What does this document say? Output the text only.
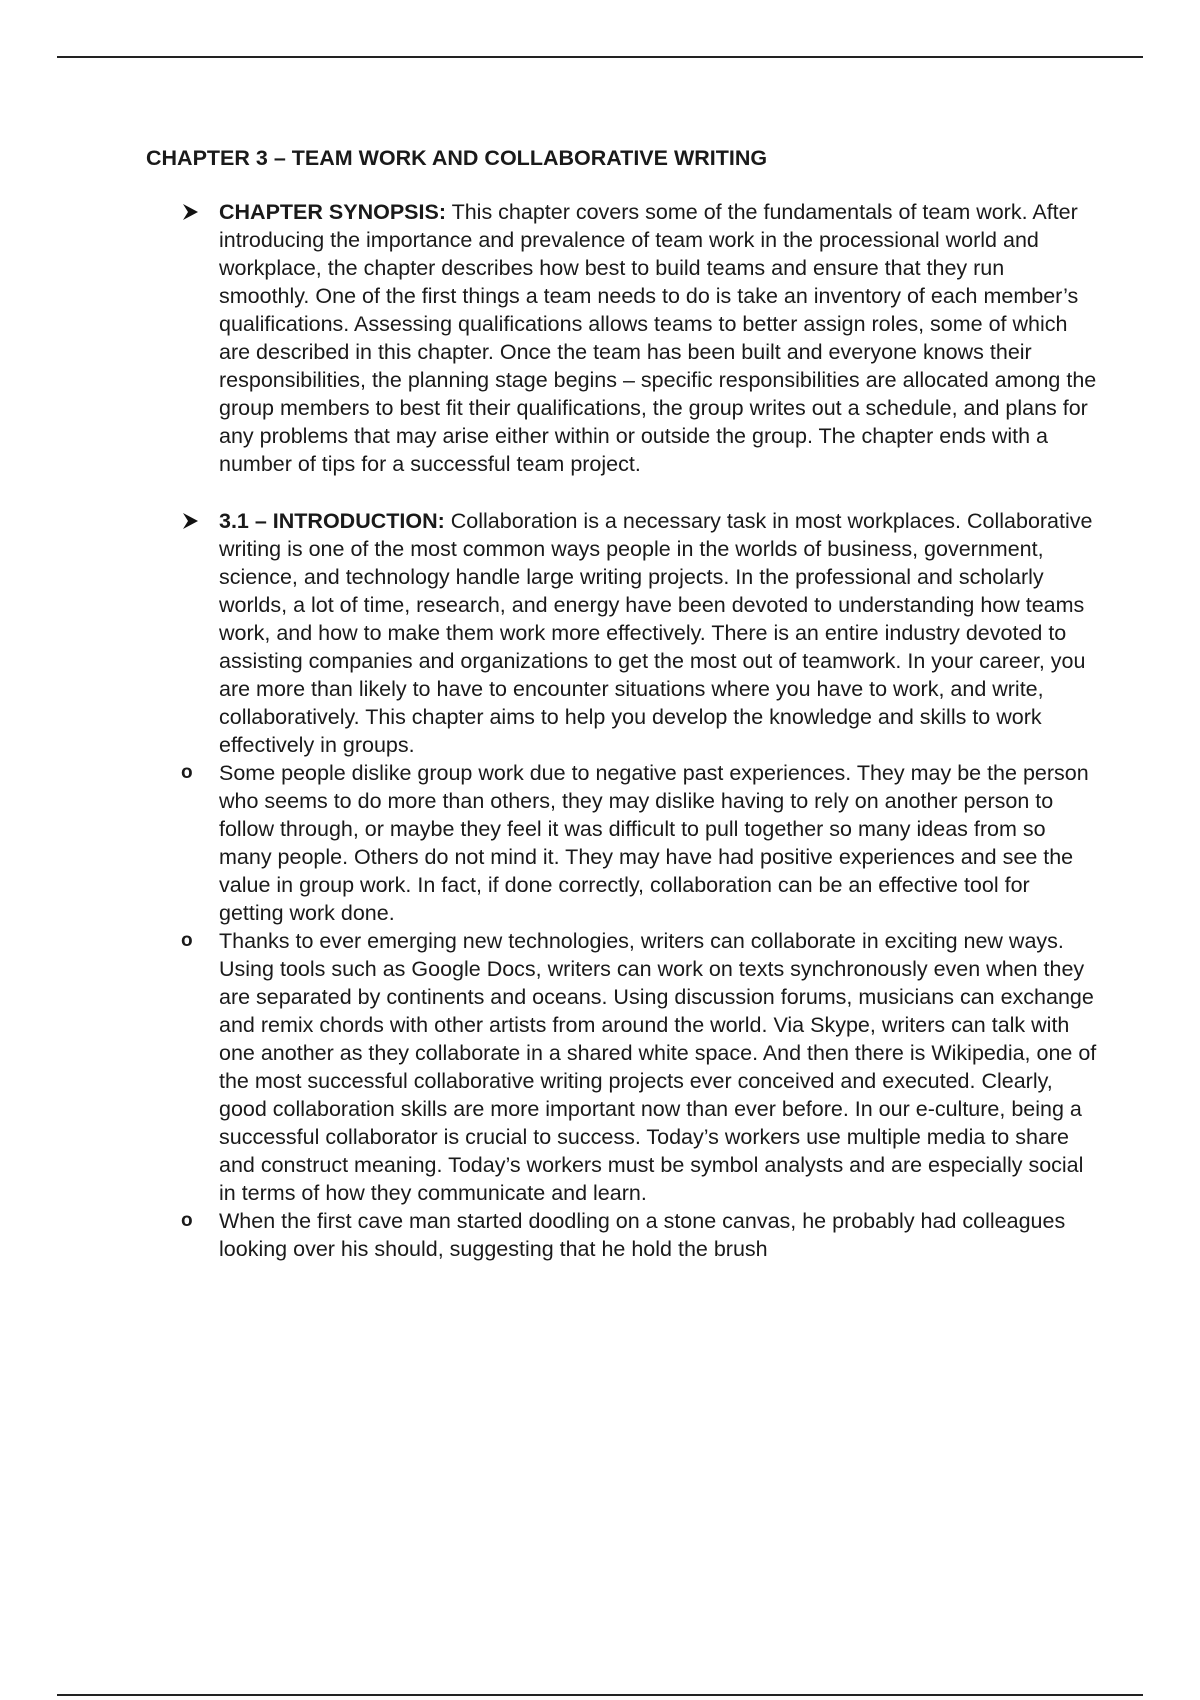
CHAPTER 3 – TEAM WORK AND COLLABORATIVE WRITING
CHAPTER SYNOPSIS: This chapter covers some of the fundamentals of team work. After introducing the importance and prevalence of team work in the processional world and workplace, the chapter describes how best to build teams and ensure that they run smoothly. One of the first things a team needs to do is take an inventory of each member’s qualifications. Assessing qualifications allows teams to better assign roles, some of which are described in this chapter. Once the team has been built and everyone knows their responsibilities, the planning stage begins – specific responsibilities are allocated among the group members to best fit their qualifications, the group writes out a schedule, and plans for any problems that may arise either within or outside the group. The chapter ends with a number of tips for a successful team project.
3.1 – INTRODUCTION: Collaboration is a necessary task in most workplaces. Collaborative writing is one of the most common ways people in the worlds of business, government, science, and technology handle large writing projects. In the professional and scholarly worlds, a lot of time, research, and energy have been devoted to understanding how teams work, and how to make them work more effectively. There is an entire industry devoted to assisting companies and organizations to get the most out of teamwork. In your career, you are more than likely to have to encounter situations where you have to work, and write, collaboratively. This chapter aims to help you develop the knowledge and skills to work effectively in groups.
o Some people dislike group work due to negative past experiences. They may be the person who seems to do more than others, they may dislike having to rely on another person to follow through, or maybe they feel it was difficult to pull together so many ideas from so many people. Others do not mind it. They may have had positive experiences and see the value in group work. In fact, if done correctly, collaboration can be an effective tool for getting work done.
o Thanks to ever emerging new technologies, writers can collaborate in exciting new ways. Using tools such as Google Docs, writers can work on texts synchronously even when they are separated by continents and oceans. Using discussion forums, musicians can exchange and remix chords with other artists from around the world. Via Skype, writers can talk with one another as they collaborate in a shared white space. And then there is Wikipedia, one of the most successful collaborative writing projects ever conceived and executed. Clearly, good collaboration skills are more important now than ever before. In our e-culture, being a successful collaborator is crucial to success. Today’s workers use multiple media to share and construct meaning. Today’s workers must be symbol analysts and are especially social in terms of how they communicate and learn.
o When the first cave man started doodling on a stone canvas, he probably had colleagues looking over his should, suggesting that he hold the brush
